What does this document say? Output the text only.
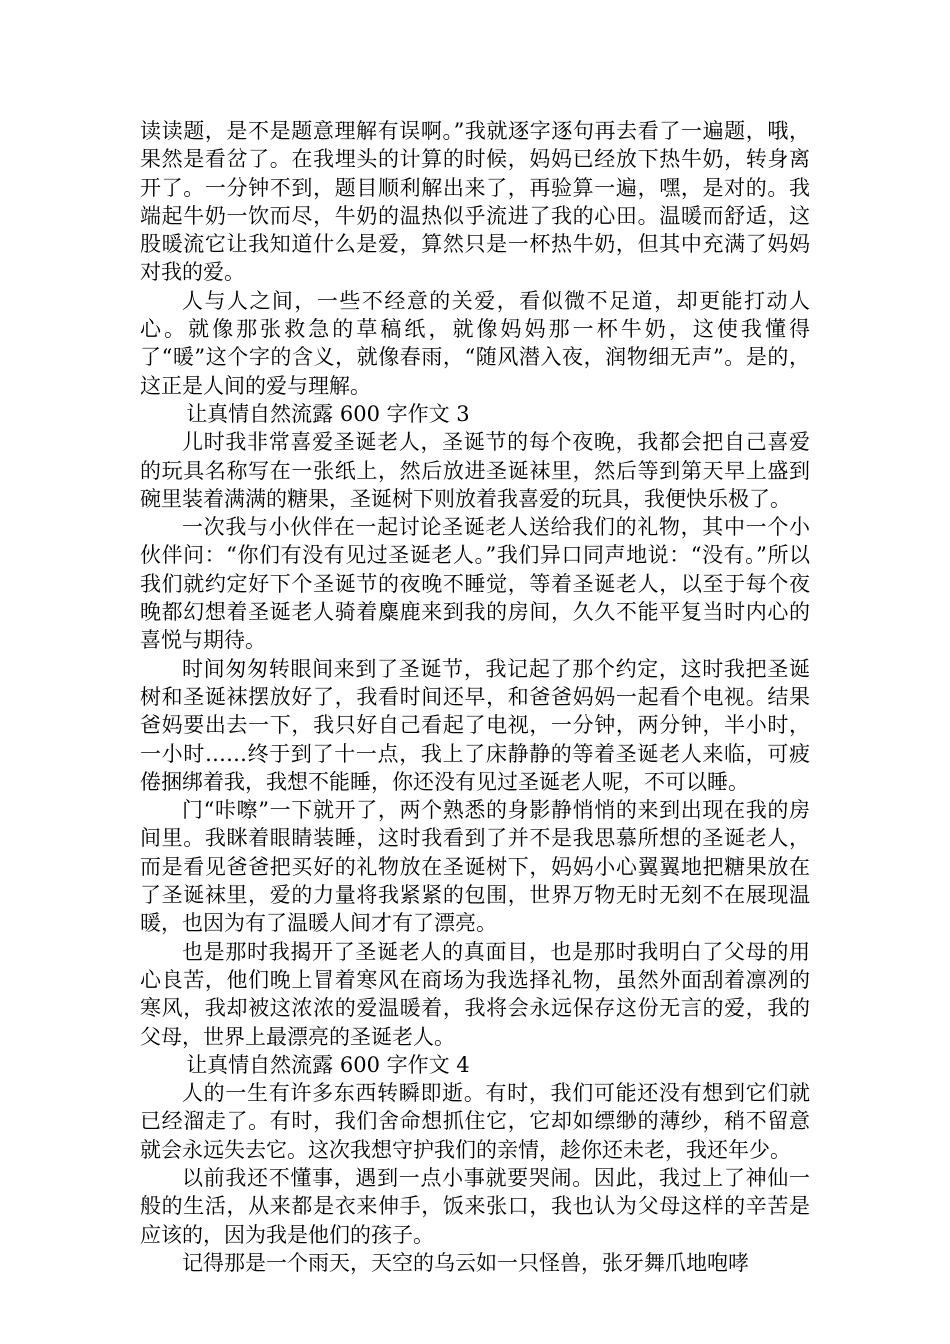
读读题，是不是题意理解有误啊。”我就逐字逐句再去看了一遍题，哦，果然是看岔了。在我埋头的计算的时候，妈妈已经放下热牛奶，转身离开了。一分钟不到，题目顺利解出来了，再验算一遍，嘿，是对的。我端起牛奶一饮而尽，牛奶的温热似乎流进了我的心田。温暖而舒适，这股暖流它让我知道什么是爱，算然只是一杯热牛奶，但其中充满了妈妈对我的爱。

人与人之间，一些不经意的关爱，看似微不足道，却更能打动人心。就像那张救急的草稿纸，就像妈妈那一杯牛奶，这使我懂得了“暖”这个字的含义，就像春雨，“随风潜入夜，润物细无声”。是的，这正是人间的爱与理解。

让真情自然流露 600 字作文 3

儿时我非常喜爱圣诞老人，圣诞节的每个夜晚，我都会把自己喜爱的玩具名称写在一张纸上，然后放进圣诞袜里，然后等到第天早上盛到碗里装着满满的糖果，圣诞树下则放着我喜爱的玩具，我便快乐极了。

一次我与小伙伴在一起讨论圣诞老人送给我们的礼物，其中一个小伙伴问：“你们有没有见过圣诞老人。”我们异口同声地说：“没有。”所以我们就约定好下个圣诞节的夜晚不睡觉，等着圣诞老人，以至于每个夜晚都幻想着圣诞老人骑着麋鹿来到我的房间，久久不能平复当时内心的喜悦与期待。

时间匆匆转眼间来到了圣诞节，我记起了那个约定，这时我把圣诞树和圣诞袜摆放好了，我看时间还早，和爸爸妈妈一起看个电视。结果爸妈要出去一下，我只好自己看起了电视，一分钟，两分钟，半小时，一小时……终于到了十一点，我上了床静静的等着圣诞老人来临，可疲倦捆绑着我，我想不能睡，你还没有见过圣诞老人呢，不可以睡。

门“咔嚓”一下就开了，两个熟悉的身影静悄悄的来到出现在我的房间里。我眯着眼睛装睡，这时我看到了并不是我思慕所想的圣诞老人，而是看见爸爸把买好的礼物放在圣诞树下，妈妈小心翼翼地把糖果放在了圣诞袜里，爱的力量将我紧紧的包围，世界万物无时无刻不在展现温暖，也因为有了温暖人间才有了漂亮。

也是那时我揭开了圣诞老人的真面目，也是那时我明白了父母的用心良苦，他们晚上冒着寒风在商场为我选择礼物，虽然外面刮着凛冽的寒风，我却被这浓浓的爱温暖着，我将会永远保存这份无言的爱，我的父母，世界上最漂亮的圣诞老人。

让真情自然流露 600 字作文 4

人的一生有许多东西转瞬即逝。有时，我们可能还没有想到它们就已经溜走了。有时，我们舍命想抓住它，它却如缥缈的薄纱，稍不留意就会永远失去它。这次我想守护我们的亲情，趁你还未老，我还年少。

以前我还不懂事，遇到一点小事就要哭闹。因此，我过上了神仙一般的生活，从来都是衣来伸手，饭来张口，我也认为父母这样的辛苦是应该的，因为我是他们的孩子。

记得那是一个雨天，天空的乌云如一只怪兽，张牙舞爪地咆哮
